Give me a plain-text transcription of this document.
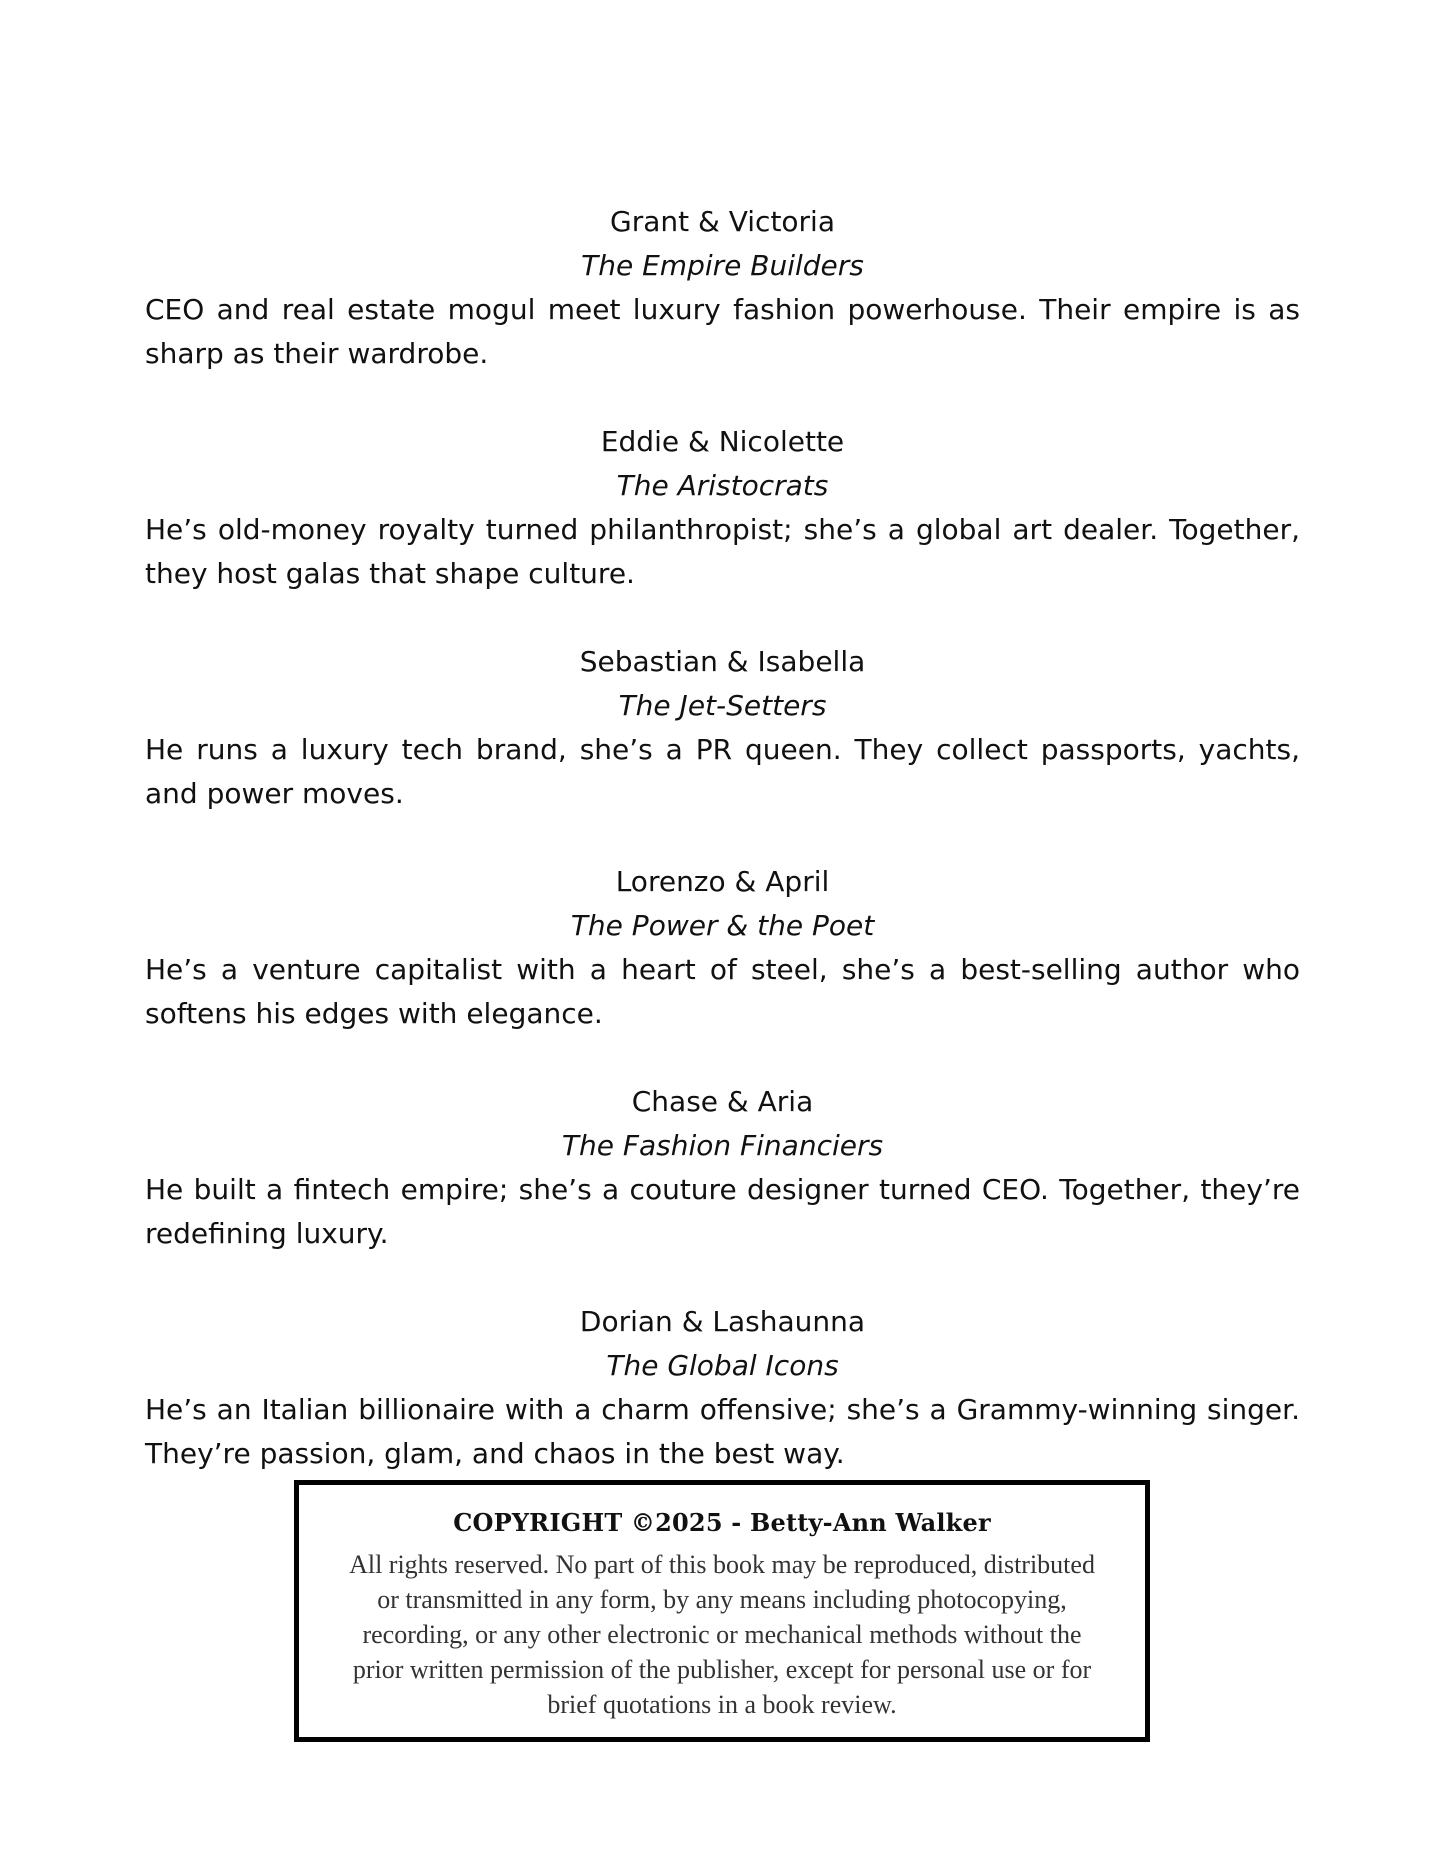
Grant & Victoria
The Empire Builders

CEO and real estate mogul meet luxury fashion powerhouse. Their empire is as sharp as their wardrobe.

Eddie & Nicolette
The Aristocrats

He’s old-money royalty turned philanthropist; she’s a global art dealer. Together, they host galas that shape culture.

Sebastian & Isabella
The Jet-Setters

He runs a luxury tech brand, she’s a PR queen. They collect passports, yachts, and power moves.

Lorenzo & April
The Power & the Poet

He’s a venture capitalist with a heart of steel, she’s a best-selling author who softens his edges with elegance.

Chase & Aria
The Fashion Financiers

He built a fintech empire; she’s a couture designer turned CEO. Together, they’re redefining luxury.

Dorian & Lashaunna
The Global Icons

He’s an Italian billionaire with a charm offensive; she’s a Grammy-winning singer. They’re passion, glam, and chaos in the best way.

COPYRIGHT ©2025 - Betty-Ann Walker
All rights reserved. No part of this book may be reproduced, distributed or transmitted in any form, by any means including photocopying, recording, or any other electronic or mechanical methods without the prior written permission of the publisher, except for personal use or for brief quotations in a book review.
